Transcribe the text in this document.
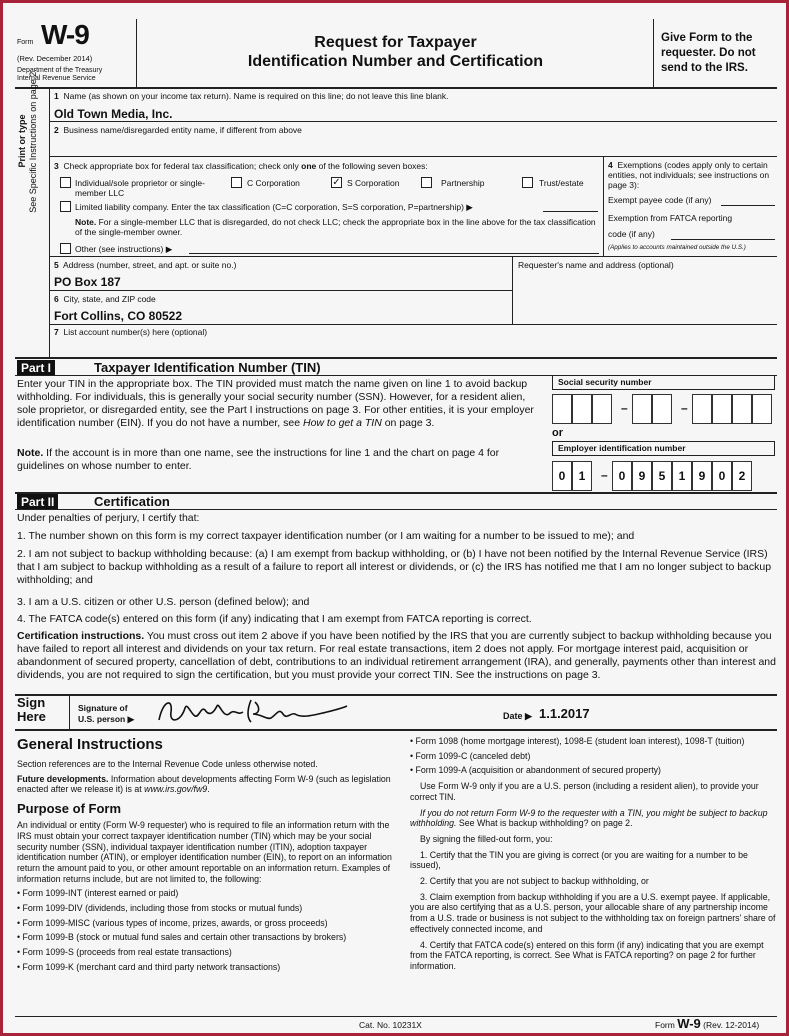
Form W-9
(Rev. December 2014)
Department of the Treasury
Internal Revenue Service
Request for Taxpayer
Identification Number and Certification
Give Form to the requester. Do not send to the IRS.
Print or type See Specific Instructions on page 2. 1 Name (as shown on your income tax return). Name is required on this line; do not leave this line blank.
Old Town Media, Inc.
2 Business name/disregarded entity name, if different from above
3 Check appropriate box for federal tax classification; check only one of the following seven boxes:
Individual/sole proprietor or single-member LLC
C Corporation	✓ S Corporation	Partnership	Trust/estate
Limited liability company. Enter the tax classification (C=C corporation, S=S corporation, P=partnership) ▶
Note. For a single-member LLC that is disregarded, do not check LLC; check the appropriate box in the line above for the tax classification of the single-member owner.
Other (see instructions) ▶
4 Exemptions (codes apply only to certain entities, not individuals; see instructions on page 3):
Exempt payee code (if any)
Exemption from FATCA reporting
code (if any)
(Applies to accounts maintained outside the U.S.)
5 Address (number, street, and apt. or suite no.)
PO Box 187
Requester's name and address (optional)
6 City, state, and ZIP code
Fort Collins, CO 80522
7 List account number(s) here (optional)
Part I	Taxpayer Identification Number (TIN)
Enter your TIN in the appropriate box. The TIN provided must match the name given on line 1 to avoid backup withholding. For individuals, this is generally your social security number (SSN). However, for a resident alien, sole proprietor, or disregarded entity, see the Part I instructions on page 3. For other entities, it is your employer identification number (EIN). If you do not have a number, see How to get a TIN on page 3.
Note. If the account is in more than one name, see the instructions for line 1 and the chart on page 4 for guidelines on whose number to enter.
Social security number
–	–
or
Employer identification number
0	1	– 0	9	5	1	9	0	2
Part II	Certification
Under penalties of perjury, I certify that:
1. The number shown on this form is my correct taxpayer identification number (or I am waiting for a number to be issued to me); and
2. I am not subject to backup withholding because: (a) I am exempt from backup withholding, or (b) I have not been notified by the Internal Revenue Service (IRS) that I am subject to backup withholding as a result of a failure to report all interest or dividends, or (c) the IRS has notified me that I am no longer subject to backup withholding; and
3. I am a U.S. citizen or other U.S. person (defined below); and
4. The FATCA code(s) entered on this form (if any) indicating that I am exempt from FATCA reporting is correct.
Certification instructions. You must cross out item 2 above if you have been notified by the IRS that you are currently subject to backup withholding because you have failed to report all interest and dividends on your tax return. For real estate transactions, item 2 does not apply. For mortgage interest paid, acquisition or abandonment of secured property, cancellation of debt, contributions to an individual retirement arrangement (IRA), and generally, payments other than interest and dividends, you are not required to sign the certification, but you must provide your correct TIN. See the instructions on page 3.
Sign
Here
Signature of
U.S. person ▶	Date ▶ 1.1.2017
General Instructions

Section references are to the Internal Revenue Code unless otherwise noted.

Future developments. Information about developments affecting Form W-9 (such as legislation enacted after we release it) is at www.irs.gov/fw9.

Purpose of Form

An individual or entity (Form W-9 requester) who is required to file an information return with the IRS must obtain your correct taxpayer identification number (TIN) which may be your social security number (SSN), individual taxpayer identification number (ITIN), adoption taxpayer identification number (ATIN), or employer identification number (EIN), to report on an information return the amount paid to you, or other amount reportable on an information return. Examples of information returns include, but are not limited to, the following:

• Form 1099-INT (interest earned or paid)
• Form 1099-DIV (dividends, including those from stocks or mutual funds)
• Form 1099-MISC (various types of income, prizes, awards, or gross proceeds)
• Form 1099-B (stock or mutual fund sales and certain other transactions by brokers)
• Form 1099-S (proceeds from real estate transactions)
• Form 1099-K (merchant card and third party network transactions)
• Form 1098 (home mortgage interest), 1098-E (student loan interest), 1098-T (tuition)
• Form 1099-C (canceled debt)
• Form 1099-A (acquisition or abandonment of secured property)

Use Form W-9 only if you are a U.S. person (including a resident alien), to provide your correct TIN.

If you do not return Form W-9 to the requester with a TIN, you might be subject to backup withholding. See What is backup withholding? on page 2.

By signing the filled-out form, you:

1. Certify that the TIN you are giving is correct (or you are waiting for a number to be issued),

2. Certify that you are not subject to backup withholding, or

3. Claim exemption from backup withholding if you are a U.S. exempt payee. If applicable, you are also certifying that as a U.S. person, your allocable share of any partnership income from a U.S. trade or business is not subject to the withholding tax on foreign partners' share of effectively connected income, and

4. Certify that FATCA code(s) entered on this form (if any) indicating that you are exempt from the FATCA reporting, is correct. See What is FATCA reporting? on page 2 for further information.

Cat. No. 10231X	Form W-9 (Rev. 12-2014)
